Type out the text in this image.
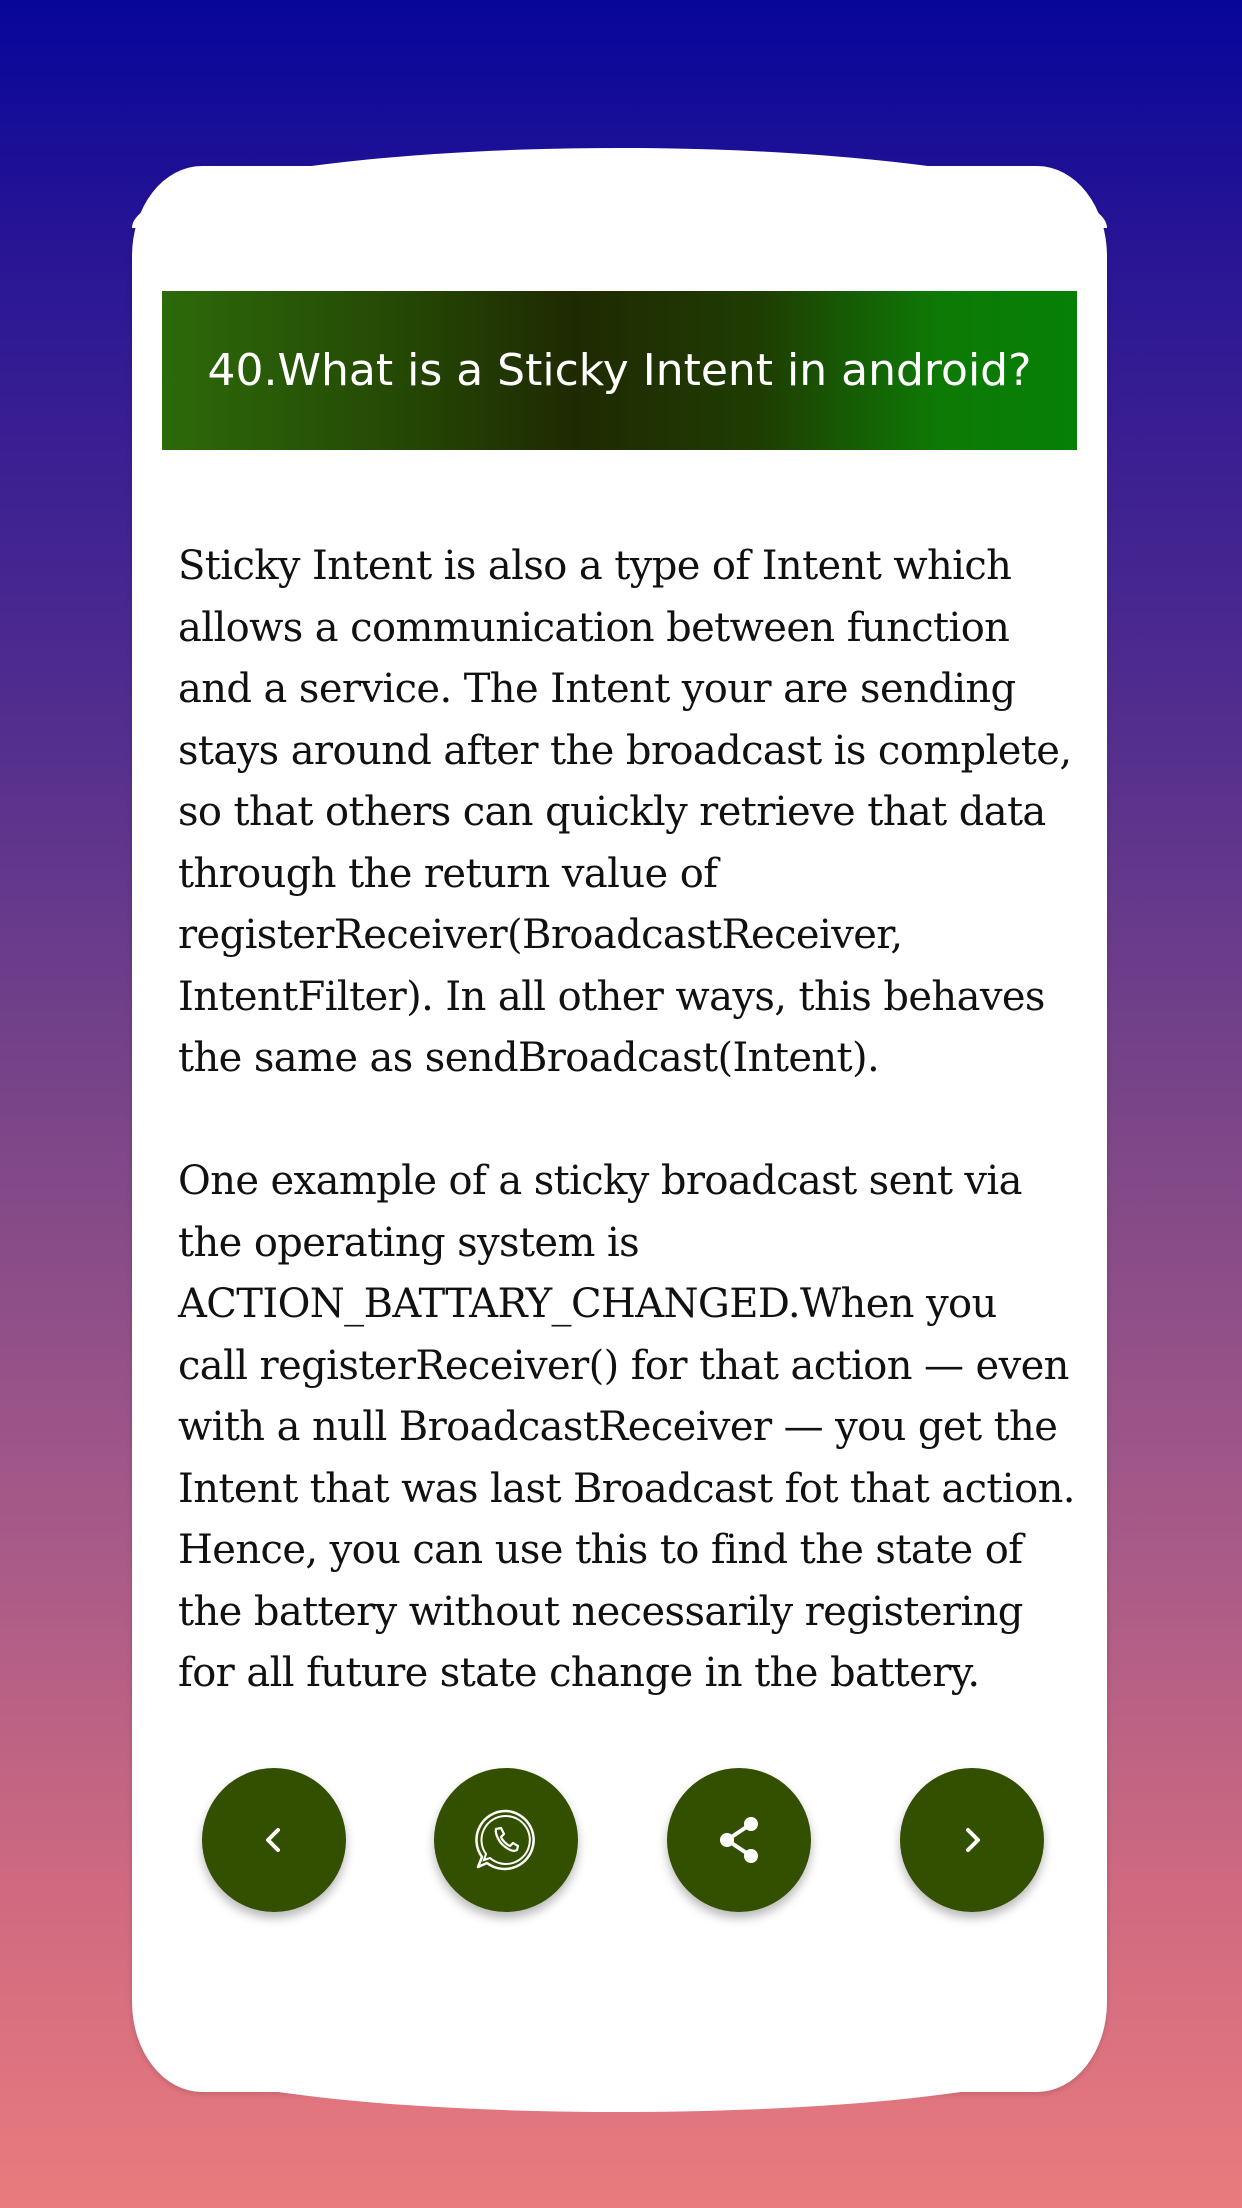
40.What is a Sticky Intent in android?
Sticky Intent is also a type of Intent which allows a communication between function and a service. The Intent your are sending stays around after the broadcast is complete, so that others can quickly retrieve that data through the return value of registerReceiver(BroadcastReceiver, IntentFilter). In all other ways, this behaves the same as sendBroadcast(Intent).

One example of a sticky broadcast sent via the operating system is ACTION_BATTARY_CHANGED.When you call registerReceiver() for that action — even with a null BroadcastReceiver — you get the Intent that was last Broadcast fot that action. Hence, you can use this to find the state of the battery without necessarily registering for all future state change in the battery.
